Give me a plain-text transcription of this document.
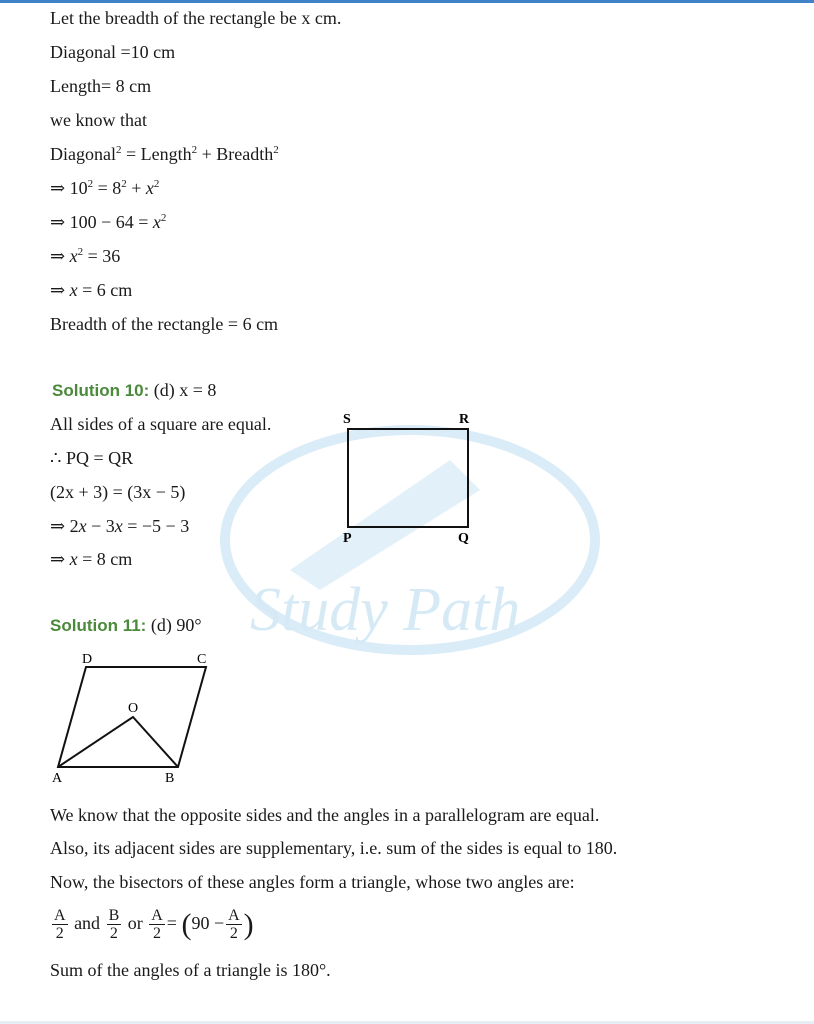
Study Path
Let the breadth of the rectangle be x cm.
Diagonal =10 cm
Length= 8 cm
we know that
Diagonal$^2$ = Length$^2$ + Breadth$^2$
⇒ $10^2 = 8^2 + x^2$
⇒ $100 - 64 = x^2$
⇒ $x^2 = 36$
⇒ x = 6 cm
Breadth of the rectangle = 6 cm
Solution 10: (d) x = 8
All sides of a square are equal.
∴ PQ = QR
(2x + 3) = (3x − 5)
⇒ 2x − 3x = −5 − 3
⇒ x = 8 cm
S	R
P	Q
Solution 11: (d) 90°
D	C
O
A	B
We know that the opposite sides and the angles in a parallelogram are equal.
Also, its adjacent sides are supplementary, i.e. sum of the sides is equal to 180.
Now, the bisectors of these angles form a triangle, whose two angles are:
$\frac{A}{2}$ and $\frac{B}{2}$ or $\frac{A}{2} = (90 - \frac{A}{2}$ )
Sum of the angles of a triangle is 180°.
